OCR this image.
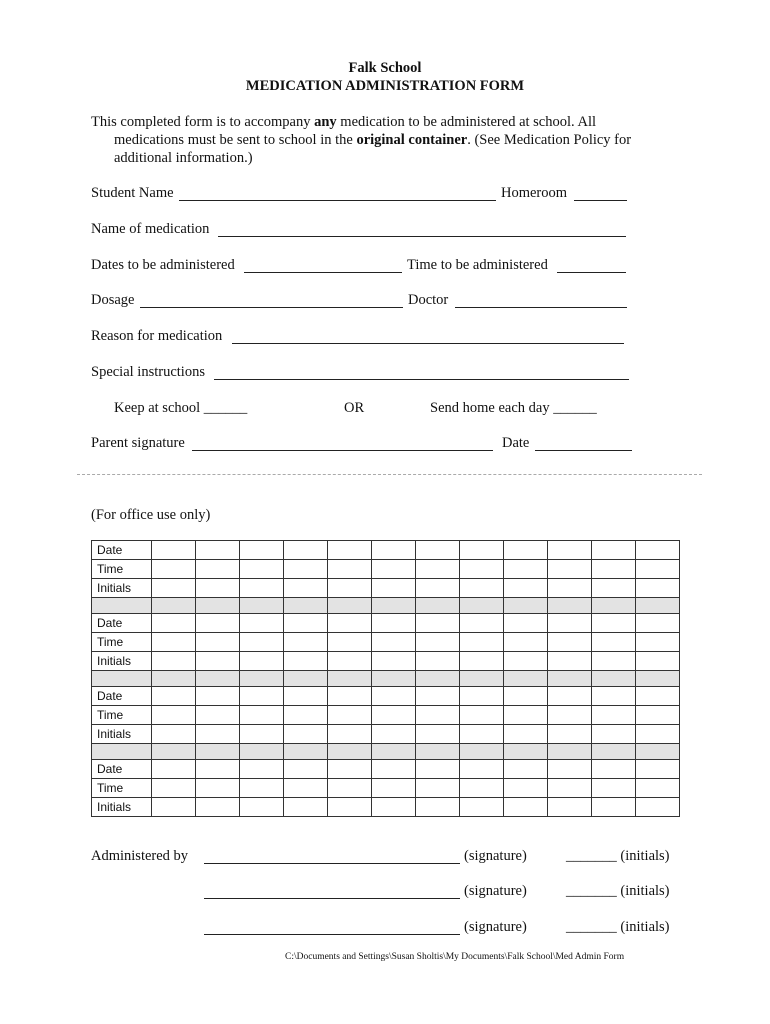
Falk School
MEDICATION ADMINISTRATION FORM
This completed form is to accompany any medication to be administered at school. All
medications must be sent to school in the original container. (See Medication Policy for
additional information.)
Student Name	Homeroom
Name of medication
Dates to be administered	Time to be administered
Dosage	Doctor
Reason for medication
Special instructions
Keep at school ______	OR	Send home each day ______
Parent signature	Date
(For office use only)
Date												
Time												
Initials												

Date												
Time												
Initials												

Date												
Time												
Initials												

Date												
Time												
Initials												
Administered by	(signature)	_______ (initials)
(signature)	_______ (initials)
(signature)	_______ (initials)
C:\Documents and Settings\Susan Sholtis\My Documents\Falk School\Med Admin Form
